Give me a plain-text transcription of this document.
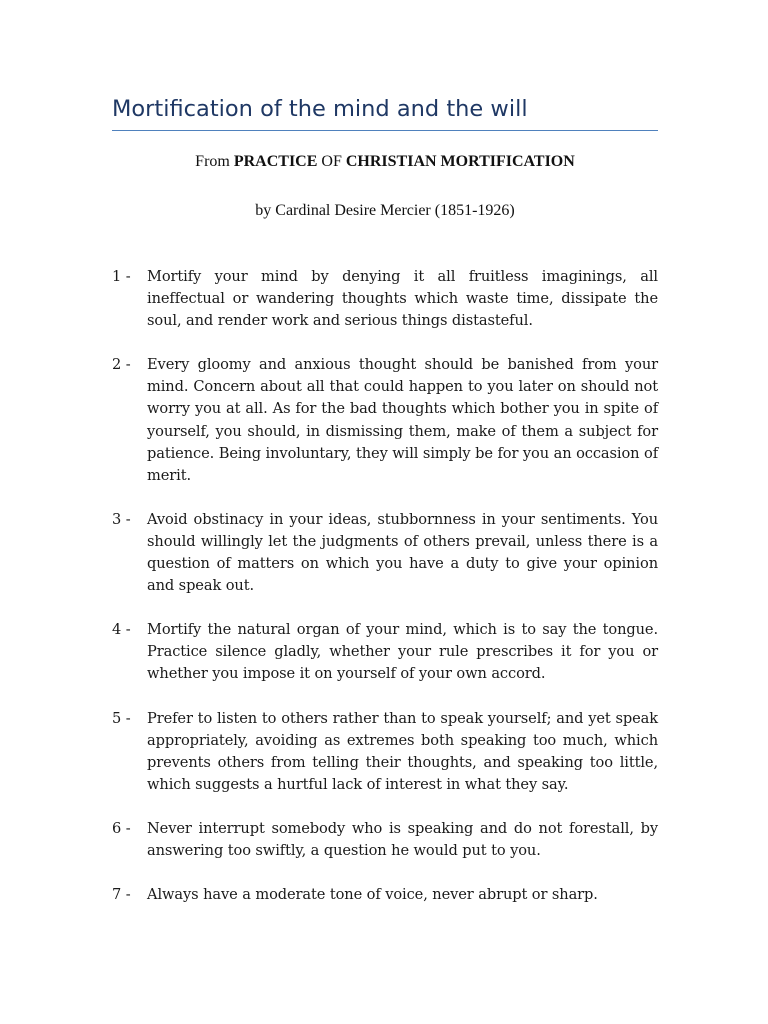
Mortification of the mind and the will
From PRACTICE OF CHRISTIAN MORTIFICATION
by Cardinal Desire Mercier (1851-1926)
1 -	Mortify your mind by denying it all fruitless imaginings, all ineffectual or wandering thoughts which waste time, dissipate the soul, and render work and serious things distasteful.
2 -	Every gloomy and anxious thought should be banished from your mind. Concern about all that could happen to you later on should not worry you at all. As for the bad thoughts which bother you in spite of yourself, you should, in dismissing them, make of them a subject for patience. Being involuntary, they will simply be for you an occasion of merit.
3 -	Avoid obstinacy in your ideas, stubbornness in your sentiments. You should willingly let the judgments of others prevail, unless there is a question of matters on which you have a duty to give your opinion and speak out.
4 -	Mortify the natural organ of your mind, which is to say the tongue. Practice silence gladly, whether your rule prescribes it for you or whether you impose it on yourself of your own accord.
5 -	Prefer to listen to others rather than to speak yourself; and yet speak appropriately, avoiding as extremes both speaking too much, which prevents others from telling their thoughts, and speaking too little, which suggests a hurtful lack of interest in what they say.
6 -	Never interrupt somebody who is speaking and do not forestall, by answering too swiftly, a question he would put to you.
7 -	Always have a moderate tone of voice, never abrupt or sharp.
